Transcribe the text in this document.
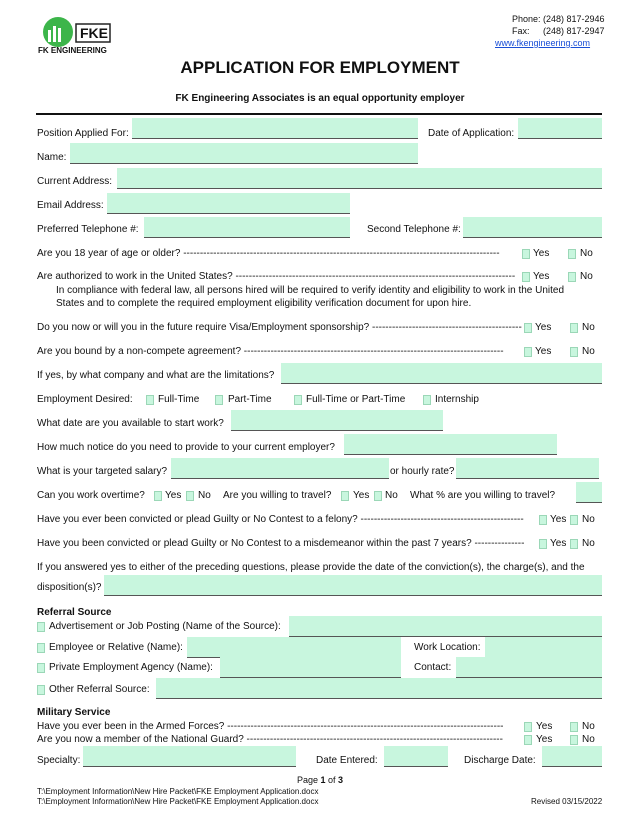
FKE
FK ENGINEERING
Phone: (248) 817-2946
Fax: (248) 817-2947
www.fkengineering.com
APPLICATION FOR EMPLOYMENT
FK Engineering Associates is an equal opportunity employer
Position Applied For:	Date of Application:
Name:
Current Address:
Email Address:
Preferred Telephone #:	Second Telephone #:
Are you 18 year of age or older? -----------------------------------------------------------------------------------------------	Yes	No
Are authorized to work in the United States? ------------------------------------------------------------------------------------ Yes	No
In compliance with federal law, all persons hired will be required to verify identity and eligibility to work in the United
States and to complete the required employment eligibility verification document for upon hire.
Do you now or will you in the future require Visa/Employment sponsorship? --------------------------------------------- Yes	No
Are you bound by a non-compete agreement? ------------------------------------------------------------------------------	Yes	No
If yes, by what company and what are the limitations?
Employment Desired:	Full-Time	Part-Time	Full-Time or Part-Time	Internship
What date are you available to start work?
How much notice do you need to provide to your current employer?
What is your targeted salary?	or hourly rate?
Can you work overtime? Yes No Are you willing to travel? Yes No What % are you willing to travel?
Have you ever been convicted or plead Guilty or No Contest to a felony? -------------------------------------------------	Yes No
Have you been convicted or plead Guilty or No Contest to a misdemeanor within the past 7 years? ---------------	Yes No
If you answered yes to either of the preceding questions, please provide the date of the conviction(s), the charge(s), and the
disposition(s)?
Referral Source
Advertisement or Job Posting (Name of the Source):
Employee or Relative (Name):	Work Location:
Private Employment Agency (Name):	Contact:
Other Referral Source:
Military Service
Have you ever been in the Armed Forces? -----------------------------------------------------------------------------------	Yes	No
Are you now a member of the National Guard? -----------------------------------------------------------------------------	Yes	No
Specialty:	Date Entered:	Discharge Date:
Page 1 of 3
T:\Employment Information\New Hire Packet\FKE Employment Application.docx
T:\Employment Information\New Hire Packet\FKE Employment Application.docx	Revised 03/15/2022
